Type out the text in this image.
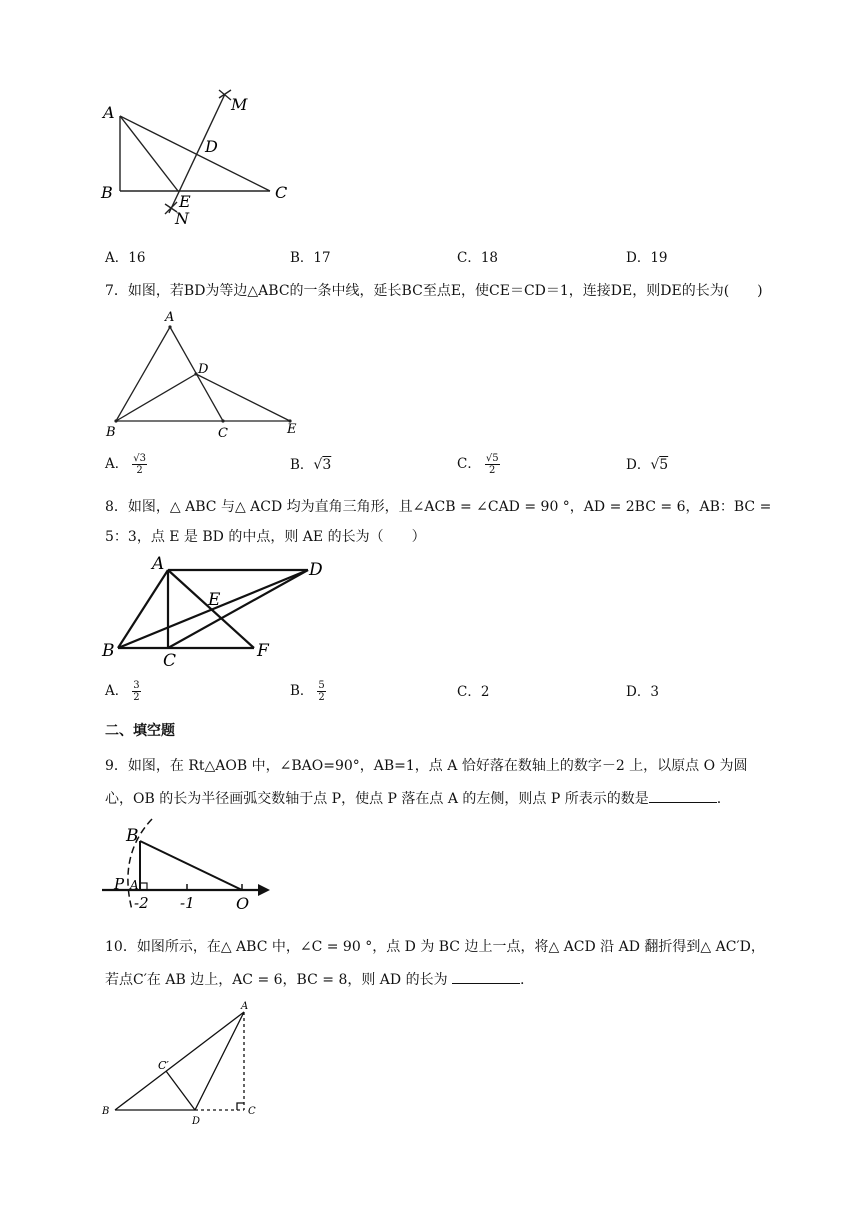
A	M
D
B	C
E
N
A．16	B．17	C．18	D．19
7．如图，若BD为等边△ABC的一条中线，延长BC至点E，使CE＝CD＝1，连接DE，则DE的长为(　　)
A
D
B	C	E
A． $\frac{√3}{2}$	B．√3	C． $\frac{√5}{2}$	D．√5
8．如图，△ ABC 与△ ACD 均为直角三角形，且∠ACB = ∠CAD = 90 °，AD = 2BC = 6，AB：BC =
5：3，点 E 是 BD 的中点，则 AE 的长为（　　）
A	D
E
B	C	F
A． $\frac{3}{2}$	B． $\frac{5}{2}$	C．2	D．3
二、填空题
9．如图，在 Rt△AOB 中，∠BAO=90°，AB=1，点 A 恰好落在数轴上的数字－2 上，以原点 O 为圆
心，OB 的长为半径画弧交数轴于点 P，使点 P 落在点 A 的左侧，则点 P 所表示的数是	.
B
P A
-2 -1	O
10．如图所示，在△ ABC 中，∠C = 90 °，点 D 为 BC 边上一点，将△ ACD 沿 AD 翻折得到△ AC′D，
若点C′在 AB 边上，AC = 6，BC = 8，则 AD 的长为	.
A
C′
B
D
C
